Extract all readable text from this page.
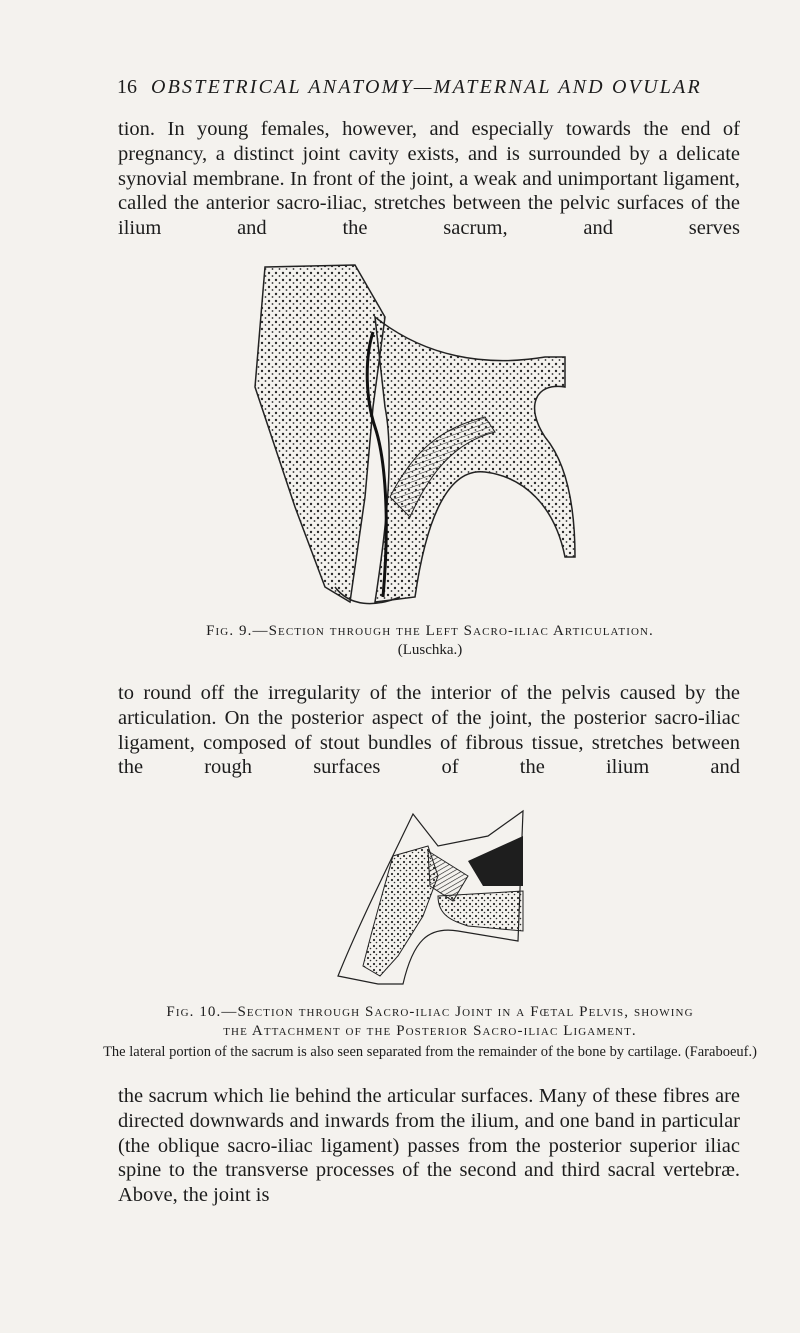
16 OBSTETRICAL ANATOMY—MATERNAL AND OVULAR

tion. In young females, however, and especially towards the end of pregnancy, a distinct joint cavity exists, and is surrounded by a delicate synovial membrane. In front of the joint, a weak and unimportant ligament, called the anterior sacro-iliac, stretches between the pelvic surfaces of the ilium and the sacrum, and serves

Fig. 9.—Section through the Left Sacro-iliac Articulation.
(Luschka.)

to round off the irregularity of the interior of the pelvis caused by the articulation. On the posterior aspect of the joint, the posterior sacro-iliac ligament, composed of stout bundles of fibrous tissue, stretches between the rough surfaces of the ilium and

Fig. 10.—Section through Sacro-iliac Joint in a Fœtal Pelvis, showing
the Attachment of the Posterior Sacro-iliac Ligament.

The lateral portion of the sacrum is also seen separated from the remainder of the bone by cartilage. (Faraboeuf.)

the sacrum which lie behind the articular surfaces. Many of these fibres are directed downwards and inwards from the ilium, and one band in particular (the oblique sacro-iliac ligament) passes from the posterior superior iliac spine to the transverse processes of the second and third sacral vertebræ. Above, the joint is
